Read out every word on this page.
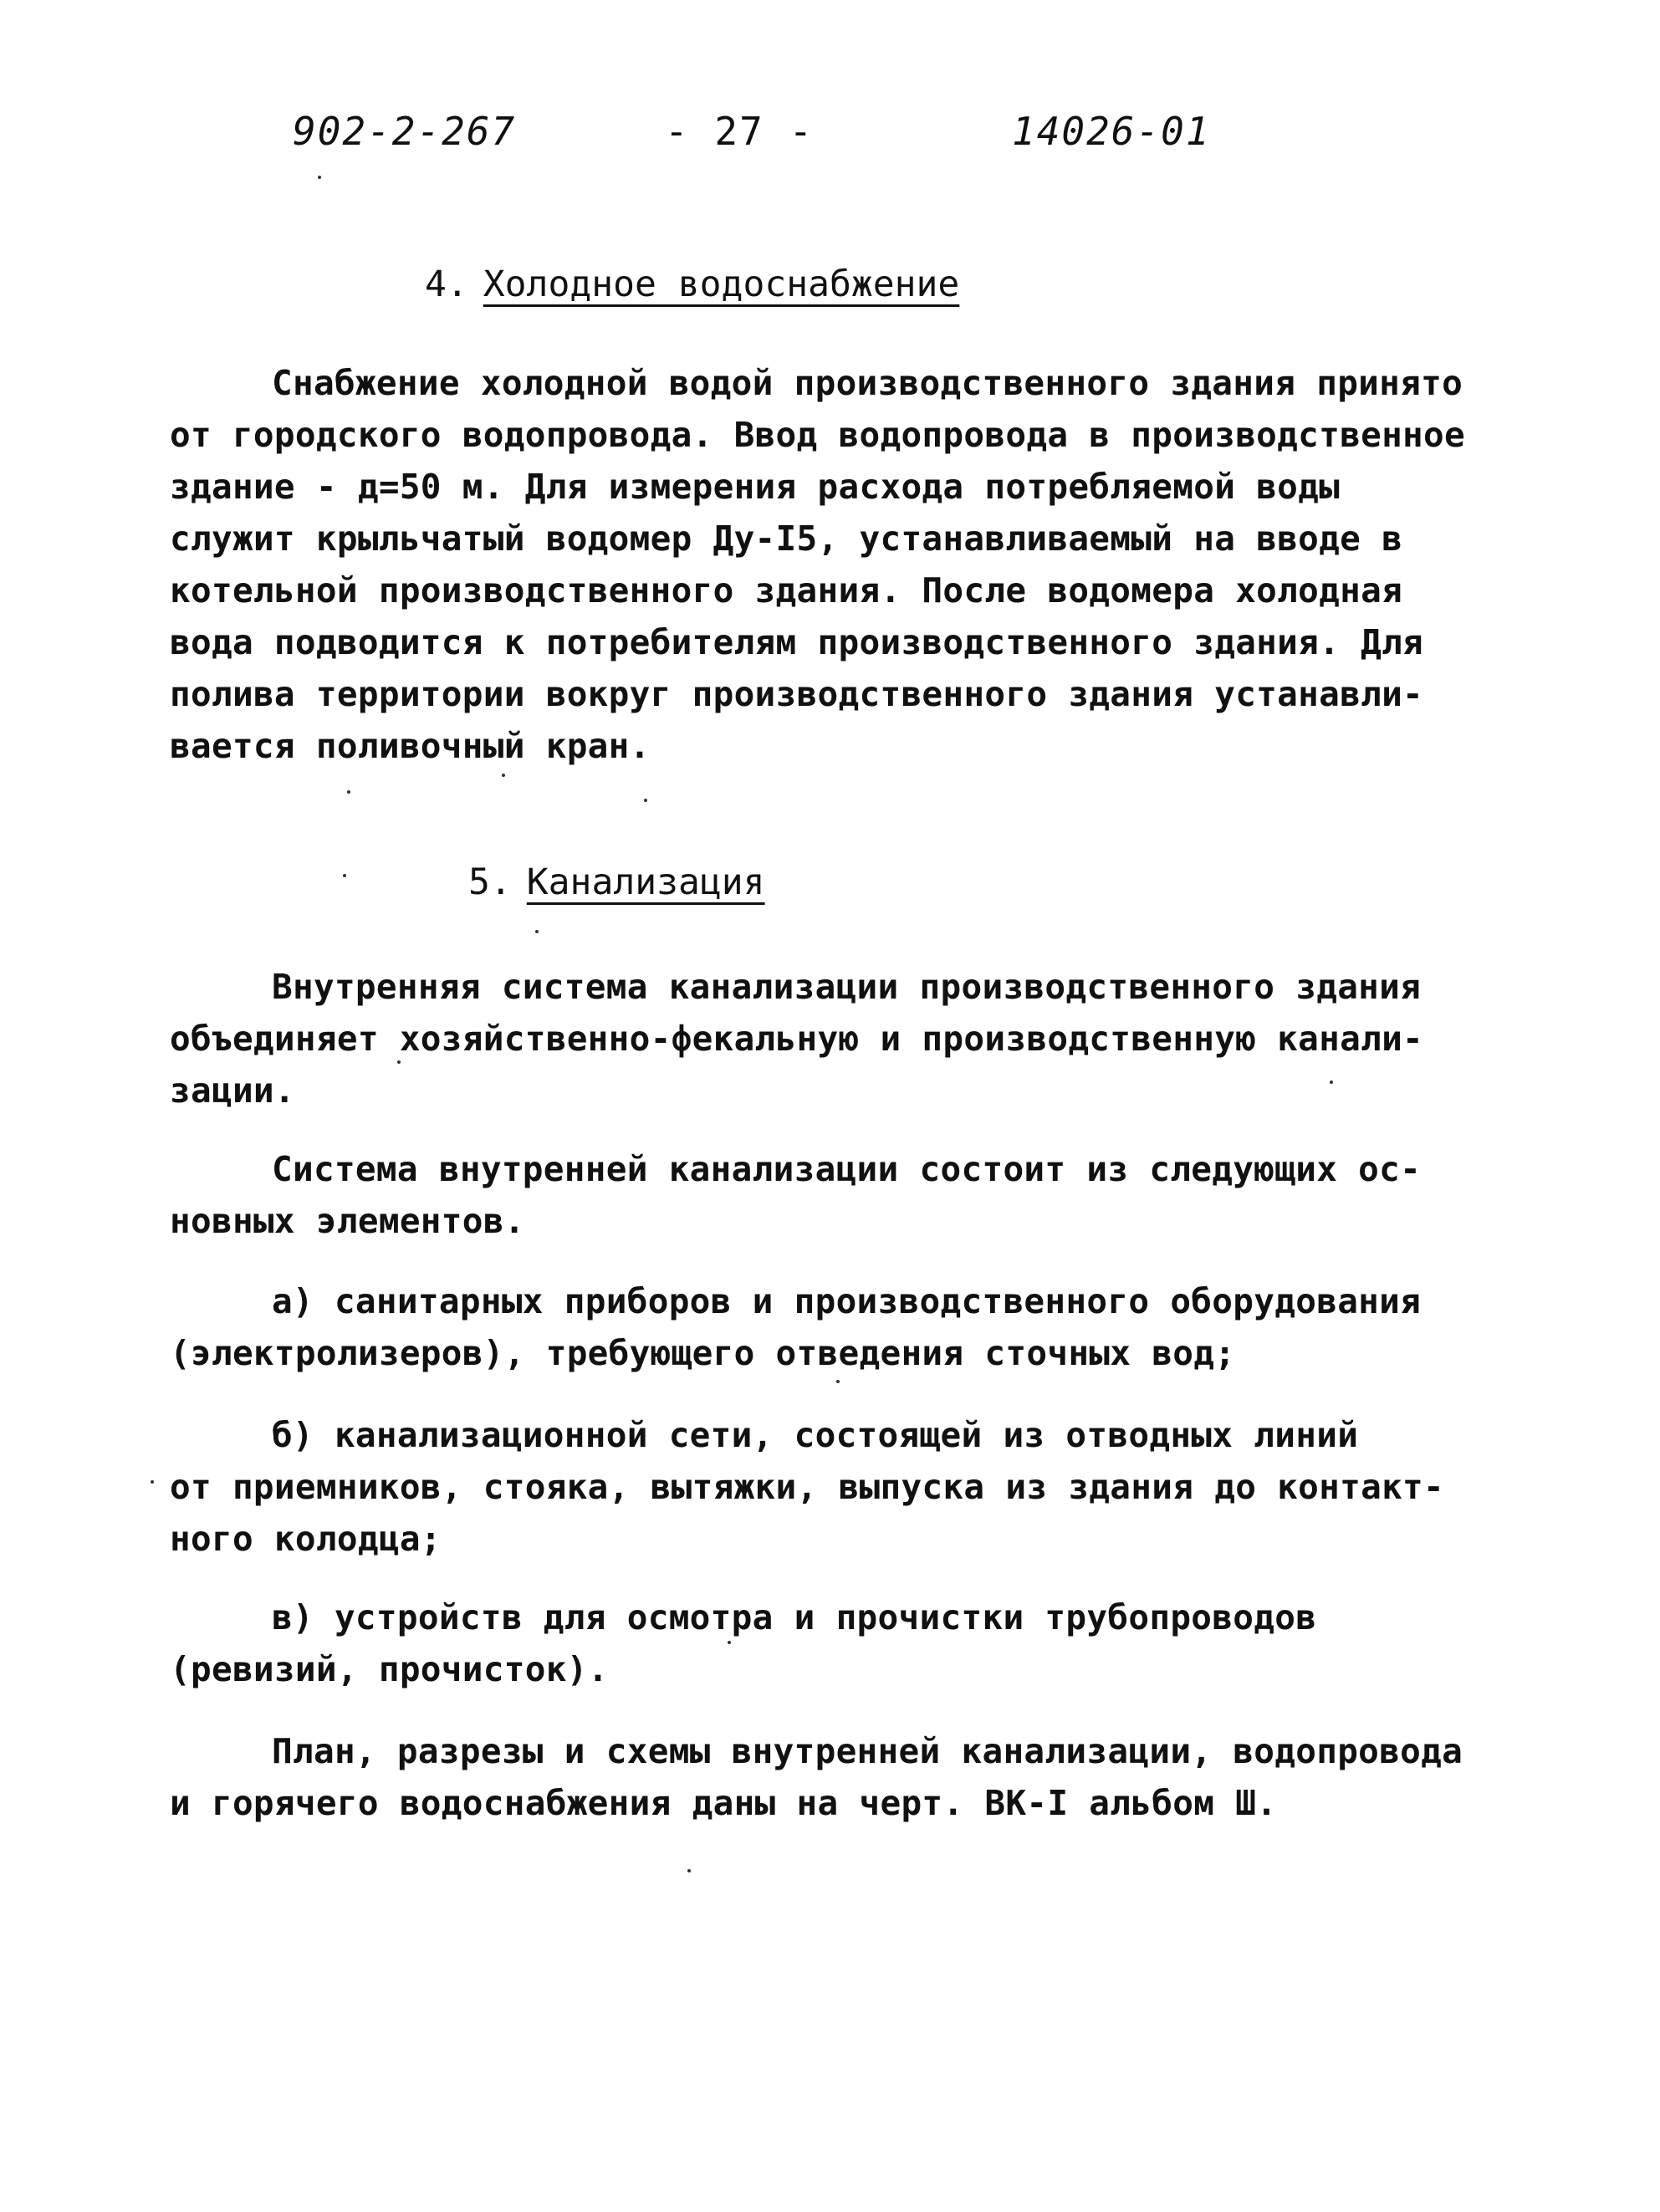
902-2-267	- 27 -	14026-01
4. Холодное водоснабжение
Снабжение холодной водой производственного здания принято
от городского водопровода. Ввод водопровода в производственное
здание - д=50 м. Для измерения расхода потребляемой воды
служит крыльчатый водомер Ду-I5, устанавливаемый на вводе в
котельной производственного здания. После водомера холодная
вода подводится к потребителям производственного здания. Для
полива территории вокруг производственного здания устанавли-
вается поливочный кран.
5. Канализация
Внутренняя система канализации производственного здания
объединяет хозяйственно-фекальную и производственную канали-
зации.
Система внутренней канализации состоит из следующих ос-
новных элементов.
а) санитарных приборов и производственного оборудования
(электролизеров), требующего отведения сточных вод;
б) канализационной сети, состоящей из отводных линий
от приемников, стояка, вытяжки, выпуска из здания до контакт-
ного колодца;
в) устройств для осмотра и прочистки трубопроводов
(ревизий, прочисток).
План, разрезы и схемы внутренней канализации, водопровода
и горячего водоснабжения даны на черт. ВК-I альбом Ш.
